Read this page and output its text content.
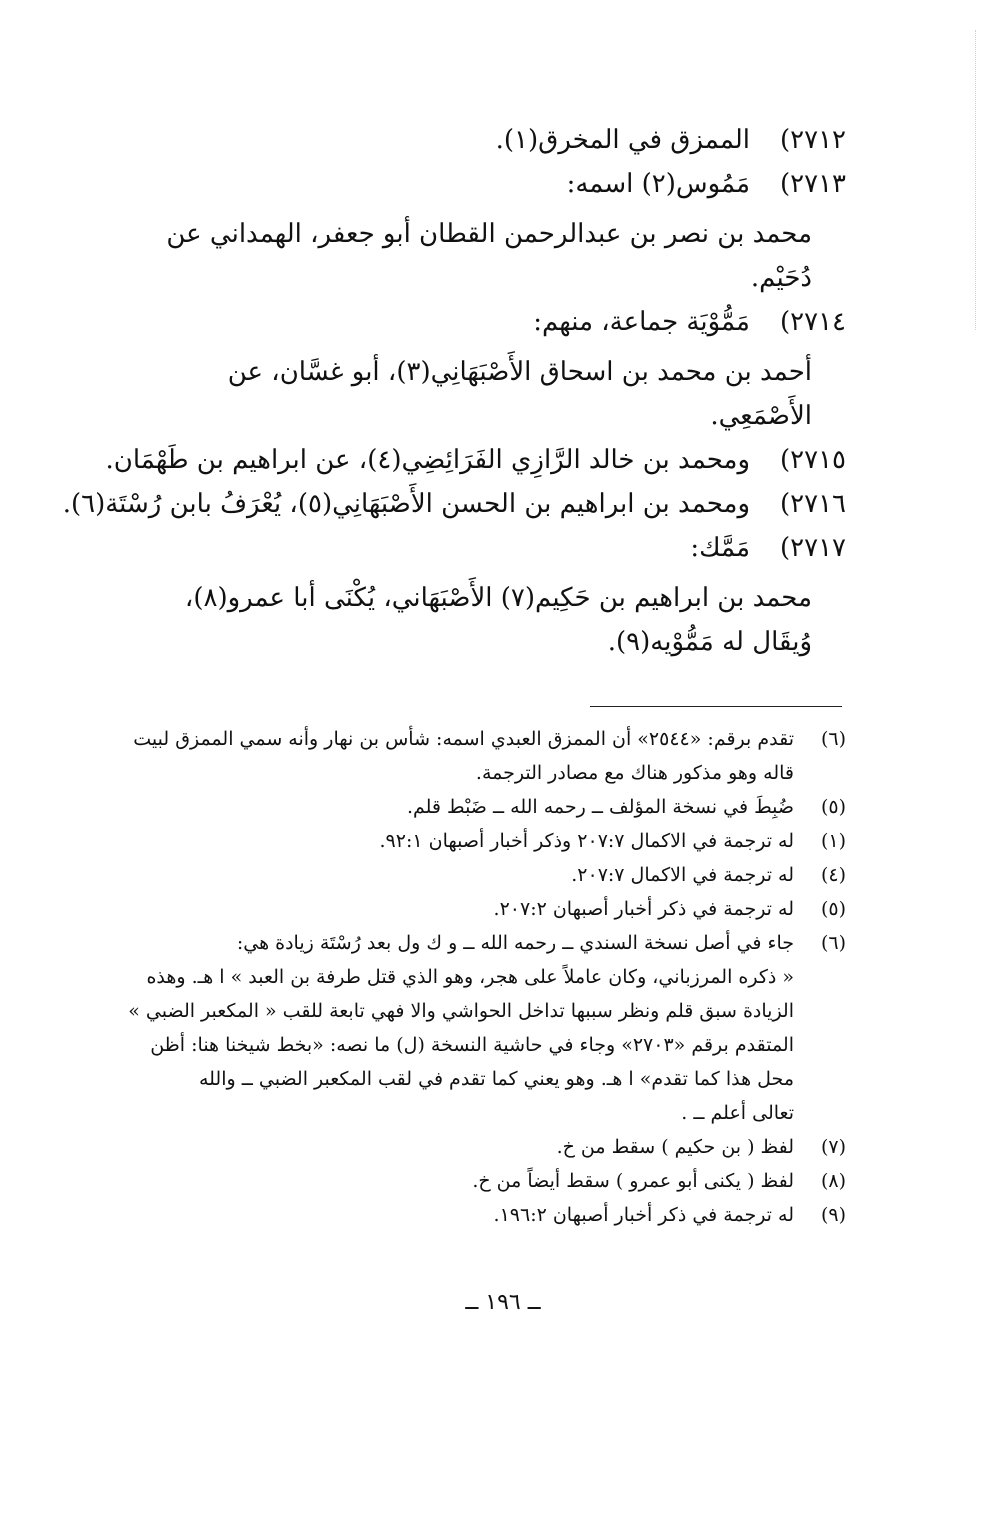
٢٧١٢)الممزق في المخرق(١).
٢٧١٣)مَمُوس(٢) اسمه:
محمد بن نصر بن عبدالرحمن القطان أبو جعفر، الهمداني عن دُحَيْم.
٢٧١٤)مَمُّوْيَة جماعة، منهم:
أحمد بن محمد بن اسحاق الأَصْبَهَانِي(٣)، أبو غسَّان، عن الأَصْمَعِي.
٢٧١٥)ومحمد بن خالد الرَّازِي الفَرَائِضِي(٤)، عن ابراهيم بن طَهْمَان.
٢٧١٦)ومحمد بن ابراهيم بن الحسن الأَصْبَهَانِي(٥)، يُعْرَفُ بابن رُسْتَة(٦).
٢٧١٧)مَمَّك:
محمد بن ابراهيم بن حَكِيم(٧) الأَصْبَهَاني، يُكْنَى أبا عمرو(٨)، وُيقَال له مَمُّوْيه(٩).
(٦)
تقدم برقم: «٢٥٤٤» أن الممزق العبدي اسمه: شأس بن نهار وأنه سمي الممزق لبيت
قاله وهو مذكور هناك مع مصادر الترجمة.
(٥)
ضُبِطَ في نسخة المؤلف ــ رحمه الله ــ ضَبْط قلم.
(١)
له ترجمة في الاكمال ٢٠٧:٧ وذكر أخبار أصبهان ٩٢:١.
(٤)
له ترجمة في الاكمال ٢٠٧:٧.
(٥)
له ترجمة في ذكر أخبار أصبهان ٢٠٧:٢.
(٦)
جاء في أصل نسخة السندي ــ رحمه الله ــ و ك ول بعد رُسْتَة زيادة هي:
« ذكره المرزباني، وكان عاملاً على هجر، وهو الذي قتل طرفة بن العبد » ا هـ. وهذه
الزيادة سبق قلم ونظر سببها تداخل الحواشي والا فهي تابعة للقب « المكعبر الضبي »
المتقدم برقم «٢٧٠٣» وجاء في حاشية النسخة (ل) ما نصه: «بخط شيخنا هنا: أظن
محل هذا كما تقدم» ا هـ. وهو يعني كما تقدم في لقب المكعبر الضبي ــ والله
تعالى أعلم ــ .
(٧)
لفظ ( بن حكيم ) سقط من خ.
(٨)
لفظ ( يكنى أبو عمرو ) سقط أيضاً من خ.
(٩)
له ترجمة في ذكر أخبار أصبهان ١٩٦:٢.
ــ ١٩٦ ــ
